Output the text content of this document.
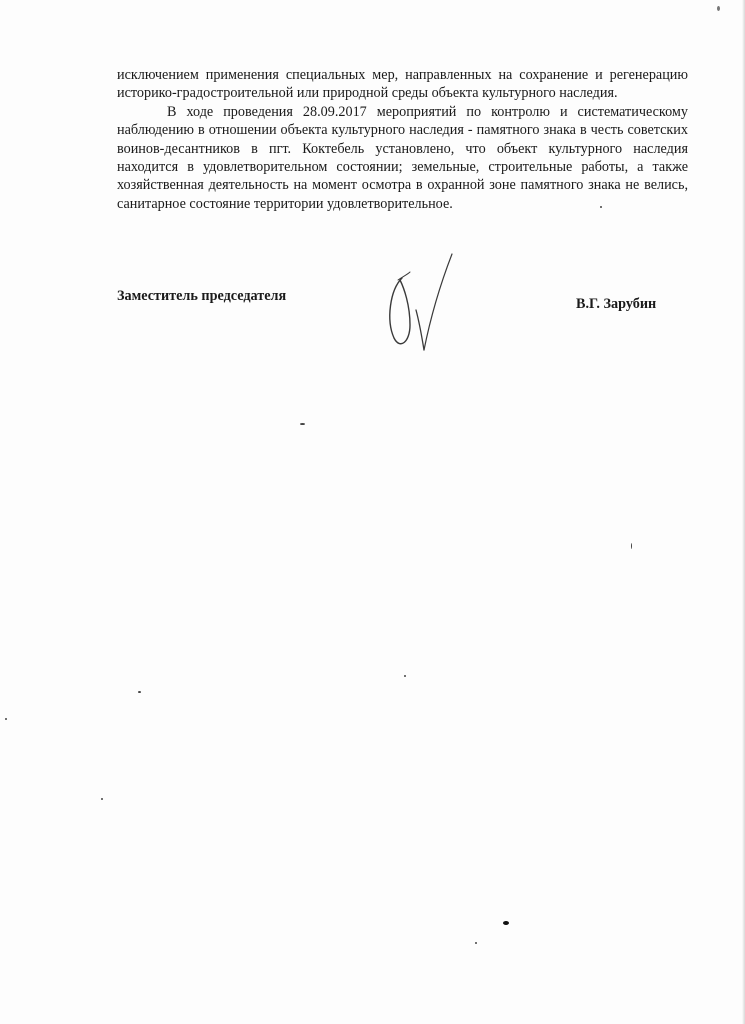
исключением применения специальных мер, направленных на сохранение и регенерацию историко-градостроительной или природной среды объекта культурного наследия.

В ходе проведения 28.09.2017 мероприятий по контролю и систематическому наблюдению в отношении объекта культурного наследия - памятного знака в честь советских воинов-десантников в пгт. Коктебель установлено, что объект культурного наследия находится в удовлетворительном состоянии; земельные, строительные работы, а также хозяйственная деятельность на момент осмотра в охранной зоне памятного знака не велись, санитарное состояние территории удовлетворительное.

Заместитель председателя	В.Г. Зарубин
